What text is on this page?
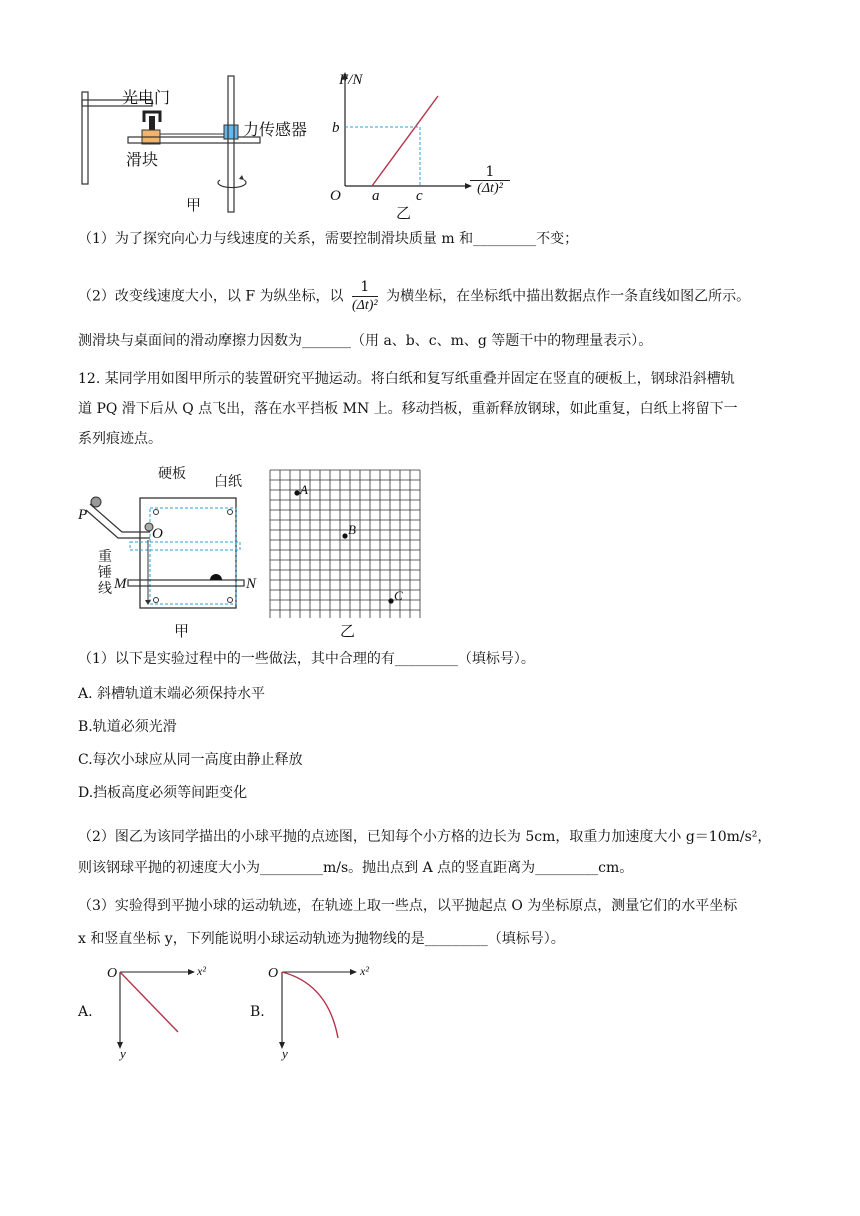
光电门
力传感器
滑块
甲
F/N
b
O a c
乙
$\frac{1}{\text{(Δt)²}}$
（1）为了探究向心力与线速度的关系，需要控制滑块质量 m 和_________不变；
（2）改变线速度大小，以 F 为纵坐标，以 $\frac{1}{\text{(Δt)²}}$ 为横坐标，在坐标纸中描出数据点作一条直线如图乙所示。
测滑块与桌面间的滑动摩擦力因数为_______（用 a、b、c、m、g 等题干中的物理量表示）。
12. 某同学用如图甲所示的装置研究平抛运动。将白纸和复写纸重叠并固定在竖直的硬板上，钢球沿斜槽轨
道 PQ 滑下后从 Q 点飞出，落在水平挡板 MN 上。移动挡板，重新释放钢球，如此重复，白纸上将留下一
系列痕迹点。
硬板 白纸
P
O
重
锤
线 M	N
甲
A
B
C
乙
（1）以下是实验过程中的一些做法，其中合理的有_________（填标号）。
A. 斜槽轨道末端必须保持水平
B.轨道必须光滑
C.每次小球应从同一高度由静止释放
D.挡板高度必须等间距变化
（2）图乙为该同学描出的小球平抛的点迹图，已知每个小方格的边长为 5cm，取重力加速度大小 g＝10m/s²，
则该钢球平抛的初速度大小为_________m/s。抛出点到 A 点的竖直距离为_________cm。
（3）实验得到平抛小球的运动轨迹，在轨迹上取一些点，以平抛起点 O 为坐标原点，测量它们的水平坐标
x 和竖直坐标 y，下列能说明小球运动轨迹为抛物线的是_________（填标号）。
A.
O	x²
y
B.
O	x²
y
